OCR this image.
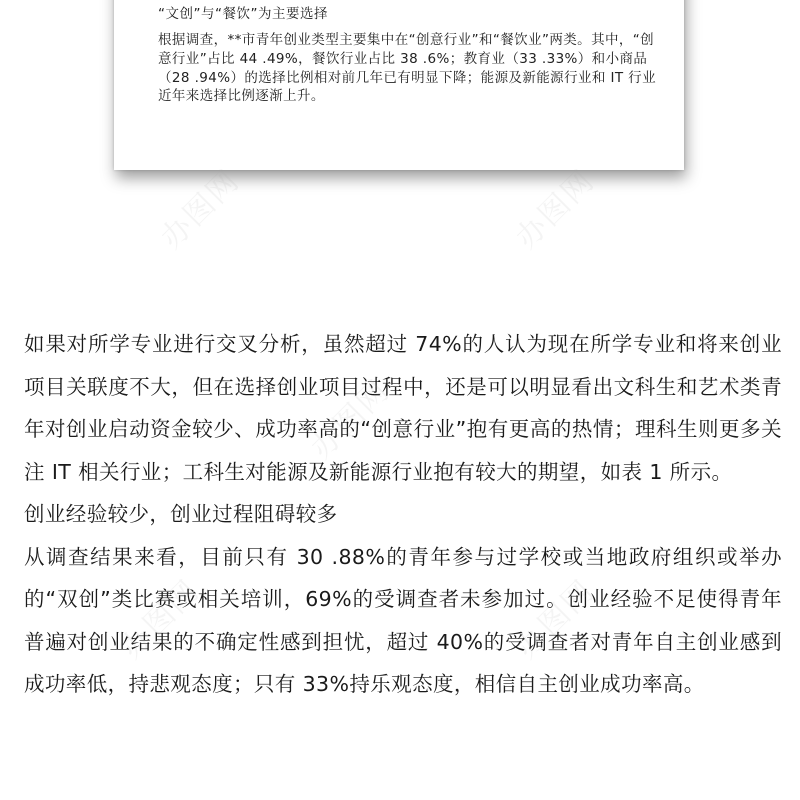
“文创”与“餐饮”为主要选择

根据调查，**市青年创业类型主要集中在“创意行业”和“餐饮业”两类。其中，“创意行业”占比 44 .49%，餐饮行业占比 38 .6%；教育业（33 .33%）和小商品（28 .94%）的选择比例相对前几年已有明显下降；能源及新能源行业和 IT 行业近年来选择比例逐渐上升。

如果对所学专业进行交叉分析，虽然超过 74%的人认为现在所学专业和将来创业项目关联度不大，但在选择创业项目过程中，还是可以明显看出文科生和艺术类青年对创业启动资金较少、成功率高的“创意行业”抱有更高的热情；理科生则更多关注 IT 相关行业；工科生对能源及新能源行业抱有较大的期望，如表 1 所示。

创业经验较少，创业过程阻碍较多

从调查结果来看，目前只有 30 .88%的青年参与过学校或当地政府组织或举办的“双创”类比赛或相关培训，69%的受调查者未参加过。创业经验不足使得青年普遍对创业结果的不确定性感到担忧，超过 40%的受调查者对青年自主创业感到成功率低，持悲观态度；只有 33%持乐观态度，相信自主创业成功率高。

办图网	办图网
办图网
办图网	办图网
